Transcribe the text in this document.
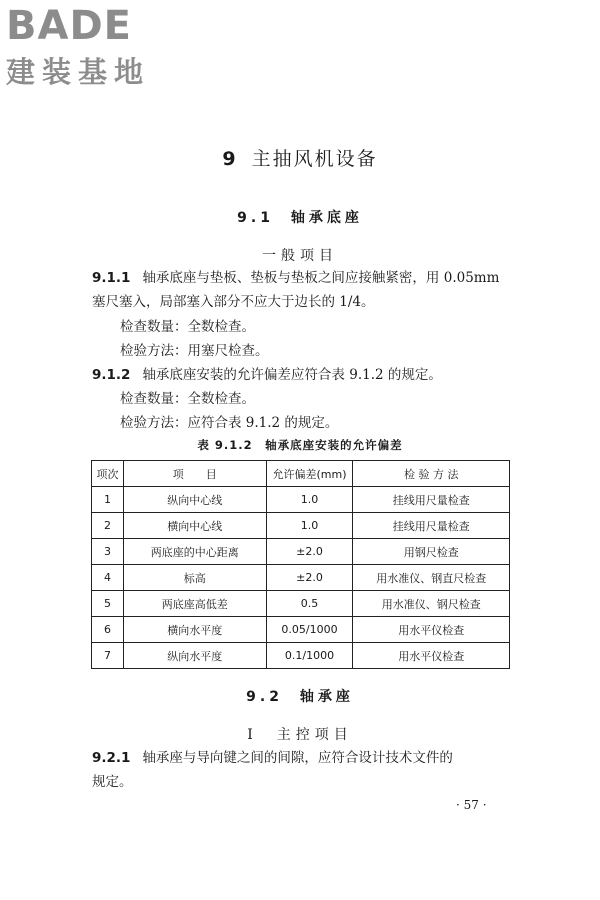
BADE
建装基地
9 主抽风机设备
9.1 轴承底座
一般项目
9.1.1 轴承底座与垫板、垫板与垫板之间应接触紧密，用 0.05mm
塞尺塞入，局部塞入部分不应大于边长的 1/4。
检查数量：全数检查。
检验方法：用塞尺检查。
9.1.2 轴承底座安装的允许偏差应符合表 9.1.2 的规定。
检查数量：全数检查。
检验方法：应符合表 9.1.2 的规定。
表 9.1.2　轴承底座安装的允许偏差
项次	项　　目	允许偏差(mm)	检 验 方 法
1	纵向中心线	1.0	挂线用尺量检查
2	横向中心线	1.0	挂线用尺量检查
3	两底座的中心距离	±2.0	用钢尺检查
4	标高	±2.0	用水准仪、钢直尺检查
5	两底座高低差	0.5	用水准仪、钢尺检查
6	横向水平度	0.05/1000	用水平仪检查
7	纵向水平度	0.1/1000	用水平仪检查
9.2 轴承座
Ⅰ　主控项目
9.2.1 轴承座与导向键之间的间隙，应符合设计技术文件的
规定。
· 57 ·
